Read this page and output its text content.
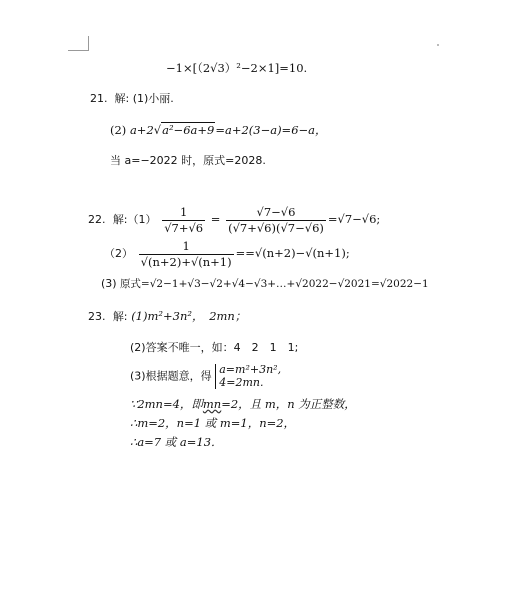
−1×[（2√3）²−2×1]=10.
21. 解: (1)小丽.
(2) a+2√a²−6a+9=a+2(3−a)=6−a，
当 a=−2022 时，原式=2028.
22. 解:（1） $\frac{1}{√7+√6} = \frac{√7-√6}{(√7+√6)(√7-√6)} =√7-√6$;
$(2) \frac{1}{√(n+2)+√(n+1)} ==√(n+2)-√(n+1)$;
(3) 原式=√2−1+√3−√2+√4−√3+…+√2022−√2021=√2022−1
23. 解: (1)m²+3n²，　2mn；
(2)答案不唯一，如：4　2　1　1;
(3)根据题意，得 a=m²+3n²,
4=2mn.
∵2mn=4，即mn=2，且 m，n 为正整数，
∴m=2，n=1 或 m=1，n=2，
∴a=7 或 a=13．
